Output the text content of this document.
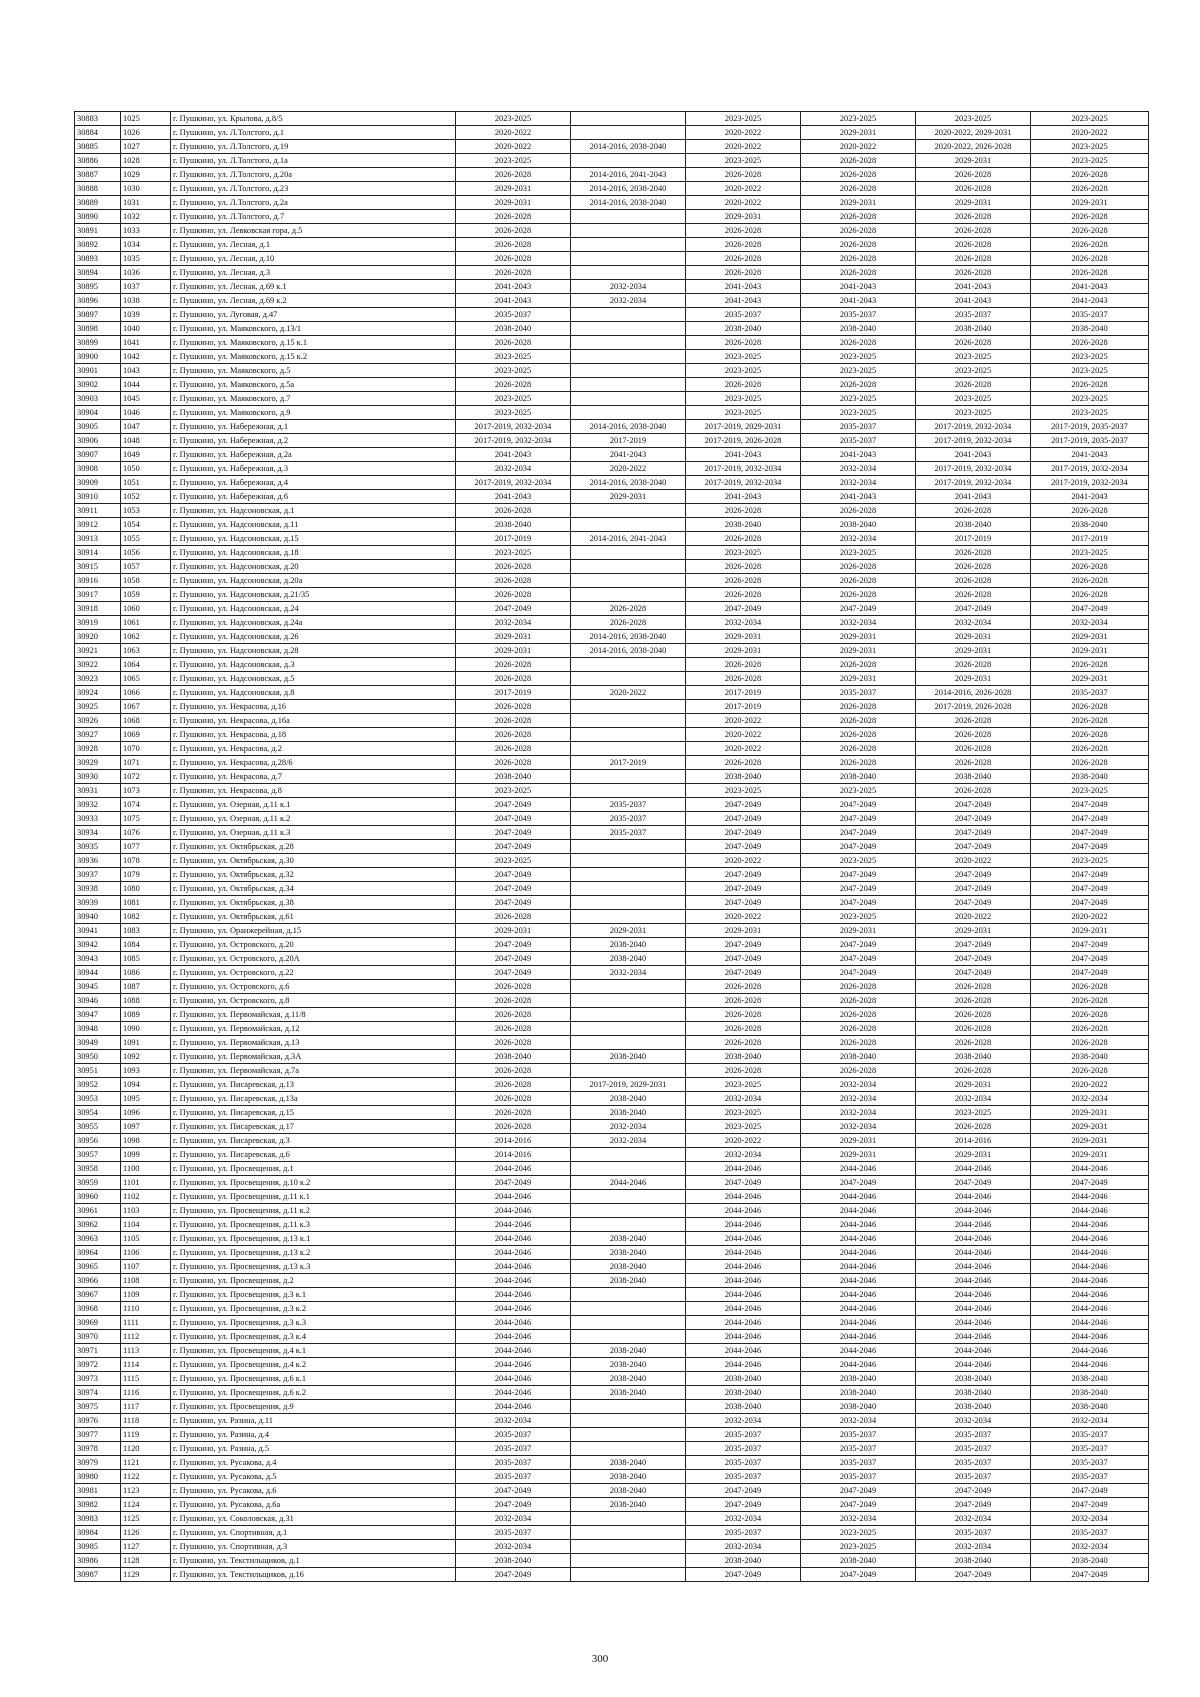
30883	1025	г. Пушкино, ул. Крылова, д.8/5	2023-2025		2023-2025	2023-2025	2023-2025	2023-2025
30884	1026	г. Пушкино, ул. Л.Толстого, д.1	2020-2022		2020-2022	2029-2031	2020-2022, 2029-2031	2020-2022
30885	1027	г. Пушкино, ул. Л.Толстого, д.19	2020-2022	2014-2016, 2038-2040	2020-2022	2020-2022	2020-2022, 2026-2028	2023-2025
30886	1028	г. Пушкино, ул. Л.Толстого, д.1а	2023-2025		2023-2025	2026-2028	2029-2031	2023-2025
30887	1029	г. Пушкино, ул. Л.Толстого, д.20а	2026-2028	2014-2016, 2041-2043	2026-2028	2026-2028	2026-2028	2026-2028
30888	1030	г. Пушкино, ул. Л.Толстого, д.23	2029-2031	2014-2016, 2038-2040	2020-2022	2026-2028	2026-2028	2026-2028
30889	1031	г. Пушкино, ул. Л.Толстого, д.2а	2029-2031	2014-2016, 2038-2040	2020-2022	2029-2031	2029-2031	2029-2031
30890	1032	г. Пушкино, ул. Л.Толстого, д.7	2026-2028		2029-2031	2026-2028	2026-2028	2026-2028
30891	1033	г. Пушкино, ул. Левковская гора, д.5	2026-2028		2026-2028	2026-2028	2026-2028	2026-2028
30892	1034	г. Пушкино, ул. Лесная, д.1	2026-2028		2026-2028	2026-2028	2026-2028	2026-2028
30893	1035	г. Пушкино, ул. Лесная, д.10	2026-2028		2026-2028	2026-2028	2026-2028	2026-2028
30894	1036	г. Пушкино, ул. Лесная, д.3	2026-2028		2026-2028	2026-2028	2026-2028	2026-2028
30895	1037	г. Пушкино, ул. Лесная, д.69 к.1	2041-2043	2032-2034	2041-2043	2041-2043	2041-2043	2041-2043
30896	1038	г. Пушкино, ул. Лесная, д.69 к.2	2041-2043	2032-2034	2041-2043	2041-2043	2041-2043	2041-2043
30897	1039	г. Пушкино, ул. Луговая, д.47	2035-2037		2035-2037	2035-2037	2035-2037	2035-2037
30898	1040	г. Пушкино, ул. Маяковского, д.13/1	2038-2040		2038-2040	2038-2040	2038-2040	2038-2040
30899	1041	г. Пушкино, ул. Маяковского, д.15 к.1	2026-2028		2026-2028	2026-2028	2026-2028	2026-2028
30900	1042	г. Пушкино, ул. Маяковского, д.15 к.2	2023-2025		2023-2025	2023-2025	2023-2025	2023-2025
30901	1043	г. Пушкино, ул. Маяковского, д.5	2023-2025		2023-2025	2023-2025	2023-2025	2023-2025
30902	1044	г. Пушкино, ул. Маяковского, д.5а	2026-2028		2026-2028	2026-2028	2026-2028	2026-2028
30903	1045	г. Пушкино, ул. Маяковского, д.7	2023-2025		2023-2025	2023-2025	2023-2025	2023-2025
30904	1046	г. Пушкино, ул. Маяковского, д.9	2023-2025		2023-2025	2023-2025	2023-2025	2023-2025
30905	1047	г. Пушкино, ул. Набережная, д.1	2017-2019, 2032-2034	2014-2016, 2038-2040	2017-2019, 2029-2031	2035-2037	2017-2019, 2032-2034	2017-2019, 2035-2037
30906	1048	г. Пушкино, ул. Набережная, д.2	2017-2019, 2032-2034	2017-2019	2017-2019, 2026-2028	2035-2037	2017-2019, 2032-2034	2017-2019, 2035-2037
30907	1049	г. Пушкино, ул. Набережная, д.2а	2041-2043	2041-2043	2041-2043	2041-2043	2041-2043	2041-2043
30908	1050	г. Пушкино, ул. Набережная, д.3	2032-2034	2020-2022	2017-2019, 2032-2034	2032-2034	2017-2019, 2032-2034	2017-2019, 2032-2034
30909	1051	г. Пушкино, ул. Набережная, д.4	2017-2019, 2032-2034	2014-2016, 2038-2040	2017-2019, 2032-2034	2032-2034	2017-2019, 2032-2034	2017-2019, 2032-2034
30910	1052	г. Пушкино, ул. Набережная, д.6	2041-2043	2029-2031	2041-2043	2041-2043	2041-2043	2041-2043
30911	1053	г. Пушкино, ул. Надсоновская, д.1	2026-2028		2026-2028	2026-2028	2026-2028	2026-2028
30912	1054	г. Пушкино, ул. Надсоновская, д.11	2038-2040		2038-2040	2038-2040	2038-2040	2038-2040
30913	1055	г. Пушкино, ул. Надсоновская, д.15	2017-2019	2014-2016, 2041-2043	2026-2028	2032-2034	2017-2019	2017-2019
30914	1056	г. Пушкино, ул. Надсоновская, д.18	2023-2025		2023-2025	2023-2025	2026-2028	2023-2025
30915	1057	г. Пушкино, ул. Надсоновская, д.20	2026-2028		2026-2028	2026-2028	2026-2028	2026-2028
30916	1058	г. Пушкино, ул. Надсоновская, д.20а	2026-2028		2026-2028	2026-2028	2026-2028	2026-2028
30917	1059	г. Пушкино, ул. Надсоновская, д.21/35	2026-2028		2026-2028	2026-2028	2026-2028	2026-2028
30918	1060	г. Пушкино, ул. Надсоновская, д.24	2047-2049	2026-2028	2047-2049	2047-2049	2047-2049	2047-2049
30919	1061	г. Пушкино, ул. Надсоновская, д.24а	2032-2034	2026-2028	2032-2034	2032-2034	2032-2034	2032-2034
30920	1062	г. Пушкино, ул. Надсоновская, д.26	2029-2031	2014-2016, 2038-2040	2029-2031	2029-2031	2029-2031	2029-2031
30921	1063	г. Пушкино, ул. Надсоновская, д.28	2029-2031	2014-2016, 2038-2040	2029-2031	2029-2031	2029-2031	2029-2031
30922	1064	г. Пушкино, ул. Надсоновская, д.3	2026-2028		2026-2028	2026-2028	2026-2028	2026-2028
30923	1065	г. Пушкино, ул. Надсоновская, д.5	2026-2028		2026-2028	2029-2031	2029-2031	2029-2031
30924	1066	г. Пушкино, ул. Надсоновская, д.8	2017-2019	2020-2022	2017-2019	2035-2037	2014-2016, 2026-2028	2035-2037
30925	1067	г. Пушкино, ул. Некрасова, д.16	2026-2028		2017-2019	2026-2028	2017-2019, 2026-2028	2026-2028
30926	1068	г. Пушкино, ул. Некрасова, д.16а	2026-2028		2020-2022	2026-2028	2026-2028	2026-2028
30927	1069	г. Пушкино, ул. Некрасова, д.18	2026-2028		2020-2022	2026-2028	2026-2028	2026-2028
30928	1070	г. Пушкино, ул. Некрасова, д.2	2026-2028		2020-2022	2026-2028	2026-2028	2026-2028
30929	1071	г. Пушкино, ул. Некрасова, д.28/6	2026-2028	2017-2019	2026-2028	2026-2028	2026-2028	2026-2028
30930	1072	г. Пушкино, ул. Некрасова, д.7	2038-2040		2038-2040	2038-2040	2038-2040	2038-2040
30931	1073	г. Пушкино, ул. Некрасова, д.8	2023-2025		2023-2025	2023-2025	2026-2028	2023-2025
30932	1074	г. Пушкино, ул. Озерная, д.11 к.1	2047-2049	2035-2037	2047-2049	2047-2049	2047-2049	2047-2049
30933	1075	г. Пушкино, ул. Озерная, д.11 к.2	2047-2049	2035-2037	2047-2049	2047-2049	2047-2049	2047-2049
30934	1076	г. Пушкино, ул. Озерная, д.11 к.3	2047-2049	2035-2037	2047-2049	2047-2049	2047-2049	2047-2049
30935	1077	г. Пушкино, ул. Октябрьская, д.28	2047-2049		2047-2049	2047-2049	2047-2049	2047-2049
30936	1078	г. Пушкино, ул. Октябрьская, д.30	2023-2025		2020-2022	2023-2025	2020-2022	2023-2025
30937	1079	г. Пушкино, ул. Октябрьская, д.32	2047-2049		2047-2049	2047-2049	2047-2049	2047-2049
30938	1080	г. Пушкино, ул. Октябрьская, д.34	2047-2049		2047-2049	2047-2049	2047-2049	2047-2049
30939	1081	г. Пушкино, ул. Октябрьская, д.38	2047-2049		2047-2049	2047-2049	2047-2049	2047-2049
30940	1082	г. Пушкино, ул. Октябрьская, д.61	2026-2028		2020-2022	2023-2025	2020-2022	2020-2022
30941	1083	г. Пушкино, ул. Оранжерейная, д.15	2029-2031	2029-2031	2029-2031	2029-2031	2029-2031	2029-2031
30942	1084	г. Пушкино, ул. Островского, д.20	2047-2049	2038-2040	2047-2049	2047-2049	2047-2049	2047-2049
30943	1085	г. Пушкино, ул. Островского, д.20А	2047-2049	2038-2040	2047-2049	2047-2049	2047-2049	2047-2049
30944	1086	г. Пушкино, ул. Островского, д.22	2047-2049	2032-2034	2047-2049	2047-2049	2047-2049	2047-2049
30945	1087	г. Пушкино, ул. Островского, д.6	2026-2028		2026-2028	2026-2028	2026-2028	2026-2028
30946	1088	г. Пушкино, ул. Островского, д.8	2026-2028		2026-2028	2026-2028	2026-2028	2026-2028
30947	1089	г. Пушкино, ул. Первомайская, д.11/8	2026-2028		2026-2028	2026-2028	2026-2028	2026-2028
30948	1090	г. Пушкино, ул. Первомайская, д.12	2026-2028		2026-2028	2026-2028	2026-2028	2026-2028
30949	1091	г. Пушкино, ул. Первомайская, д.13	2026-2028		2026-2028	2026-2028	2026-2028	2026-2028
30950	1092	г. Пушкино, ул. Первомайская, д.3А	2038-2040	2038-2040	2038-2040	2038-2040	2038-2040	2038-2040
30951	1093	г. Пушкино, ул. Первомайская, д.7а	2026-2028		2026-2028	2026-2028	2026-2028	2026-2028
30952	1094	г. Пушкино, ул. Писаревская, д.13	2026-2028	2017-2019, 2029-2031	2023-2025	2032-2034	2029-2031	2020-2022
30953	1095	г. Пушкино, ул. Писаревская, д.13а	2026-2028	2038-2040	2032-2034	2032-2034	2032-2034	2032-2034
30954	1096	г. Пушкино, ул. Писаревская, д.15	2026-2028	2038-2040	2023-2025	2032-2034	2023-2025	2029-2031
30955	1097	г. Пушкино, ул. Писаревская, д.17	2026-2028	2032-2034	2023-2025	2032-2034	2026-2028	2029-2031
30956	1098	г. Пушкино, ул. Писаревская, д.3	2014-2016	2032-2034	2020-2022	2029-2031	2014-2016	2029-2031
30957	1099	г. Пушкино, ул. Писаревская, д.6	2014-2016		2032-2034	2029-2031	2029-2031	2029-2031
30958	1100	г. Пушкино, ул. Просвещения, д.1	2044-2046		2044-2046	2044-2046	2044-2046	2044-2046
30959	1101	г. Пушкино, ул. Просвещения, д.10 к.2	2047-2049	2044-2046	2047-2049	2047-2049	2047-2049	2047-2049
30960	1102	г. Пушкино, ул. Просвещения, д.11 к.1	2044-2046		2044-2046	2044-2046	2044-2046	2044-2046
30961	1103	г. Пушкино, ул. Просвещения, д.11 к.2	2044-2046		2044-2046	2044-2046	2044-2046	2044-2046
30962	1104	г. Пушкино, ул. Просвещения, д.11 к.3	2044-2046		2044-2046	2044-2046	2044-2046	2044-2046
30963	1105	г. Пушкино, ул. Просвещения, д.13 к.1	2044-2046	2038-2040	2044-2046	2044-2046	2044-2046	2044-2046
30964	1106	г. Пушкино, ул. Просвещения, д.13 к.2	2044-2046	2038-2040	2044-2046	2044-2046	2044-2046	2044-2046
30965	1107	г. Пушкино, ул. Просвещения, д.13 к.3	2044-2046	2038-2040	2044-2046	2044-2046	2044-2046	2044-2046
30966	1108	г. Пушкино, ул. Просвещения, д.2	2044-2046	2038-2040	2044-2046	2044-2046	2044-2046	2044-2046
30967	1109	г. Пушкино, ул. Просвещения, д.3 к.1	2044-2046		2044-2046	2044-2046	2044-2046	2044-2046
30968	1110	г. Пушкино, ул. Просвещения, д.3 к.2	2044-2046		2044-2046	2044-2046	2044-2046	2044-2046
30969	1111	г. Пушкино, ул. Просвещения, д.3 к.3	2044-2046		2044-2046	2044-2046	2044-2046	2044-2046
30970	1112	г. Пушкино, ул. Просвещения, д.3 к.4	2044-2046		2044-2046	2044-2046	2044-2046	2044-2046
30971	1113	г. Пушкино, ул. Просвещения, д.4 к.1	2044-2046	2038-2040	2044-2046	2044-2046	2044-2046	2044-2046
30972	1114	г. Пушкино, ул. Просвещения, д.4 к.2	2044-2046	2038-2040	2044-2046	2044-2046	2044-2046	2044-2046
30973	1115	г. Пушкино, ул. Просвещения, д.6 к.1	2044-2046	2038-2040	2038-2040	2038-2040	2038-2040	2038-2040
30974	1116	г. Пушкино, ул. Просвещения, д.6 к.2	2044-2046	2038-2040	2038-2040	2038-2040	2038-2040	2038-2040
30975	1117	г. Пушкино, ул. Просвещения, д.9	2044-2046		2038-2040	2038-2040	2038-2040	2038-2040
30976	1118	г. Пушкино, ул. Разина, д.11	2032-2034		2032-2034	2032-2034	2032-2034	2032-2034
30977	1119	г. Пушкино, ул. Разина, д.4	2035-2037		2035-2037	2035-2037	2035-2037	2035-2037
30978	1120	г. Пушкино, ул. Разина, д.5	2035-2037		2035-2037	2035-2037	2035-2037	2035-2037
30979	1121	г. Пушкино, ул. Русакова, д.4	2035-2037	2038-2040	2035-2037	2035-2037	2035-2037	2035-2037
30980	1122	г. Пушкино, ул. Русакова, д.5	2035-2037	2038-2040	2035-2037	2035-2037	2035-2037	2035-2037
30981	1123	г. Пушкино, ул. Русакова, д.6	2047-2049	2038-2040	2047-2049	2047-2049	2047-2049	2047-2049
30982	1124	г. Пушкино, ул. Русакова, д.6а	2047-2049	2038-2040	2047-2049	2047-2049	2047-2049	2047-2049
30983	1125	г. Пушкино, ул. Соколовская, д.31	2032-2034		2032-2034	2032-2034	2032-2034	2032-2034
30984	1126	г. Пушкино, ул. Спортивная, д.1	2035-2037		2035-2037	2023-2025	2035-2037	2035-2037
30985	1127	г. Пушкино, ул. Спортивная, д.3	2032-2034		2032-2034	2023-2025	2032-2034	2032-2034
30986	1128	г. Пушкино, ул. Текстильщиков, д.1	2038-2040		2038-2040	2038-2040	2038-2040	2038-2040
30987	1129	г. Пушкино, ул. Текстильщиков, д.16	2047-2049		2047-2049	2047-2049	2047-2049	2047-2049
300
